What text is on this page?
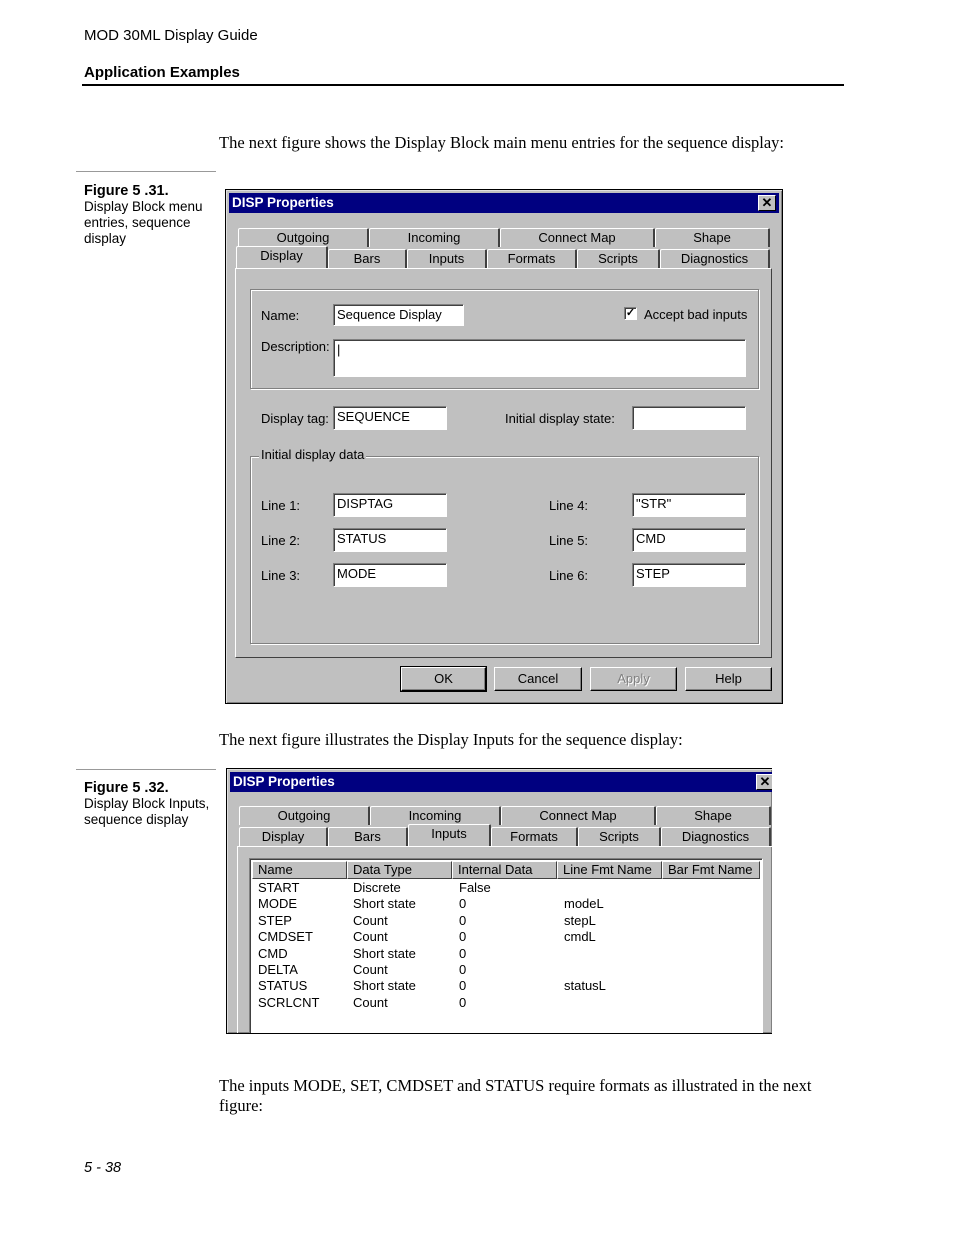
MOD 30ML Display Guide
Application Examples
The next figure shows the Display Block main menu entries for the sequence display:
Figure 5 .31.
Display Block menu entries, sequence display
DISP Properties	✕
Outgoing	Incoming	Connect Map	Shape
Display	Bars	Inputs	Formats	Scripts	Diagnostics
Name:	Sequence Display	✓ Accept bad inputs
Description: |
Display tag: SEQUENCE	Initial display state:
Initial display data
Line 1:	DISPTAG
Line 2:	STATUS
Line 3:	MODE
Line 4:	"STR"
Line 5:	CMD
Line 6:	STEP
OK	Cancel	Apply	Help
The next figure illustrates the Display Inputs for the sequence display:
Figure 5 .32.
Display Block Inputs, sequence display
DISP Properties	✕
Outgoing	Incoming	Connect Map	Shape
Display	Bars	Inputs	Formats	Scripts	Diagnostics
Name	Data Type	Internal Data	Line Fmt Name	Bar Fmt Name
START	Discrete	False
MODE	Short state	0	modeL
STEP	Count	0	stepL
CMDSET	Count	0	cmdL
CMD	Short state	0
DELTA	Count	0
STATUS	Short state	0	statusL
SCRLCNT	Count	0
The inputs MODE, SET, CMDSET and STATUS require formats as illustrated in the next figure:
5 - 38
